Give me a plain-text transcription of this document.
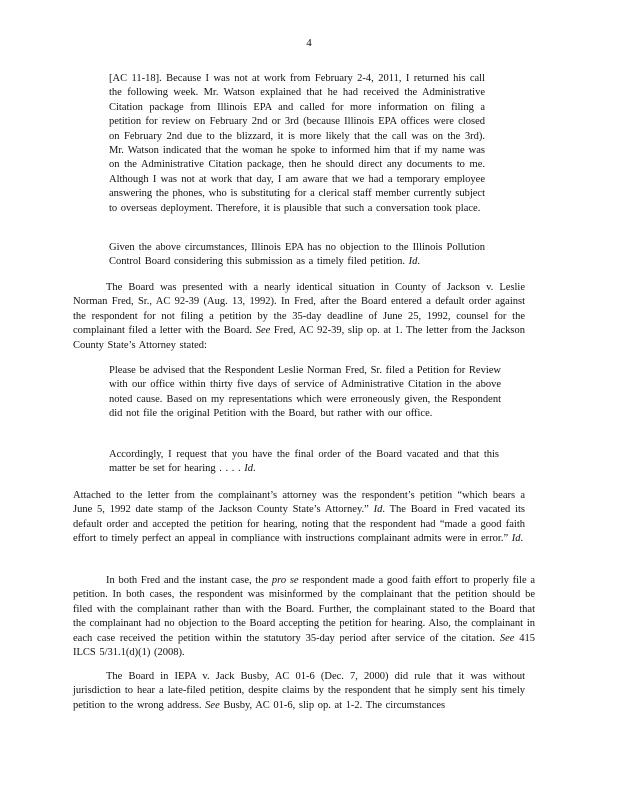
4
[AC 11-18]. Because I was not at work from February 2-4, 2011, I returned his call the following week. Mr. Watson explained that he had received the Administrative Citation package from Illinois EPA and called for more information on filing a petition for review on February 2nd or 3rd (because Illinois EPA offices were closed on February 2nd due to the blizzard, it is more likely that the call was on the 3rd). Mr. Watson indicated that the woman he spoke to informed him that if my name was on the Administrative Citation package, then he should direct any documents to me. Although I was not at work that day, I am aware that we had a temporary employee answering the phones, who is substituting for a clerical staff member currently subject to overseas deployment. Therefore, it is plausible that such a conversation took place.
Given the above circumstances, Illinois EPA has no objection to the Illinois Pollution Control Board considering this submission as a timely filed petition. Id.
The Board was presented with a nearly identical situation in County of Jackson v. Leslie Norman Fred, Sr., AC 92-39 (Aug. 13, 1992). In Fred, after the Board entered a default order against the respondent for not filing a petition by the 35-day deadline of June 25, 1992, counsel for the complainant filed a letter with the Board. See Fred, AC 92-39, slip op. at 1. The letter from the Jackson County State’s Attorney stated:
Please be advised that the Respondent Leslie Norman Fred, Sr. filed a Petition for Review with our office within thirty five days of service of Administrative Citation in the above noted cause. Based on my representations which were erroneously given, the Respondent did not file the original Petition with the Board, but rather with our office.
Accordingly, I request that you have the final order of the Board vacated and that this matter be set for hearing . . . . Id.
Attached to the letter from the complainant’s attorney was the respondent’s petition “which bears a June 5, 1992 date stamp of the Jackson County State’s Attorney.” Id. The Board in Fred vacated its default order and accepted the petition for hearing, noting that the respondent had “made a good faith effort to timely perfect an appeal in compliance with instructions complainant admits were in error.” Id.
In both Fred and the instant case, the pro se respondent made a good faith effort to properly file a petition. In both cases, the respondent was misinformed by the complainant that the petition should be filed with the complainant rather than with the Board. Further, the complainant stated to the Board that the complainant had no objection to the Board accepting the petition for hearing. Also, the complainant in each case received the petition within the statutory 35-day period after service of the citation. See 415 ILCS 5/31.1(d)(1) (2008).
The Board in IEPA v. Jack Busby, AC 01-6 (Dec. 7, 2000) did rule that it was without jurisdiction to hear a late-filed petition, despite claims by the respondent that he simply sent his timely petition to the wrong address. See Busby, AC 01-6, slip op. at 1-2. The circumstances
